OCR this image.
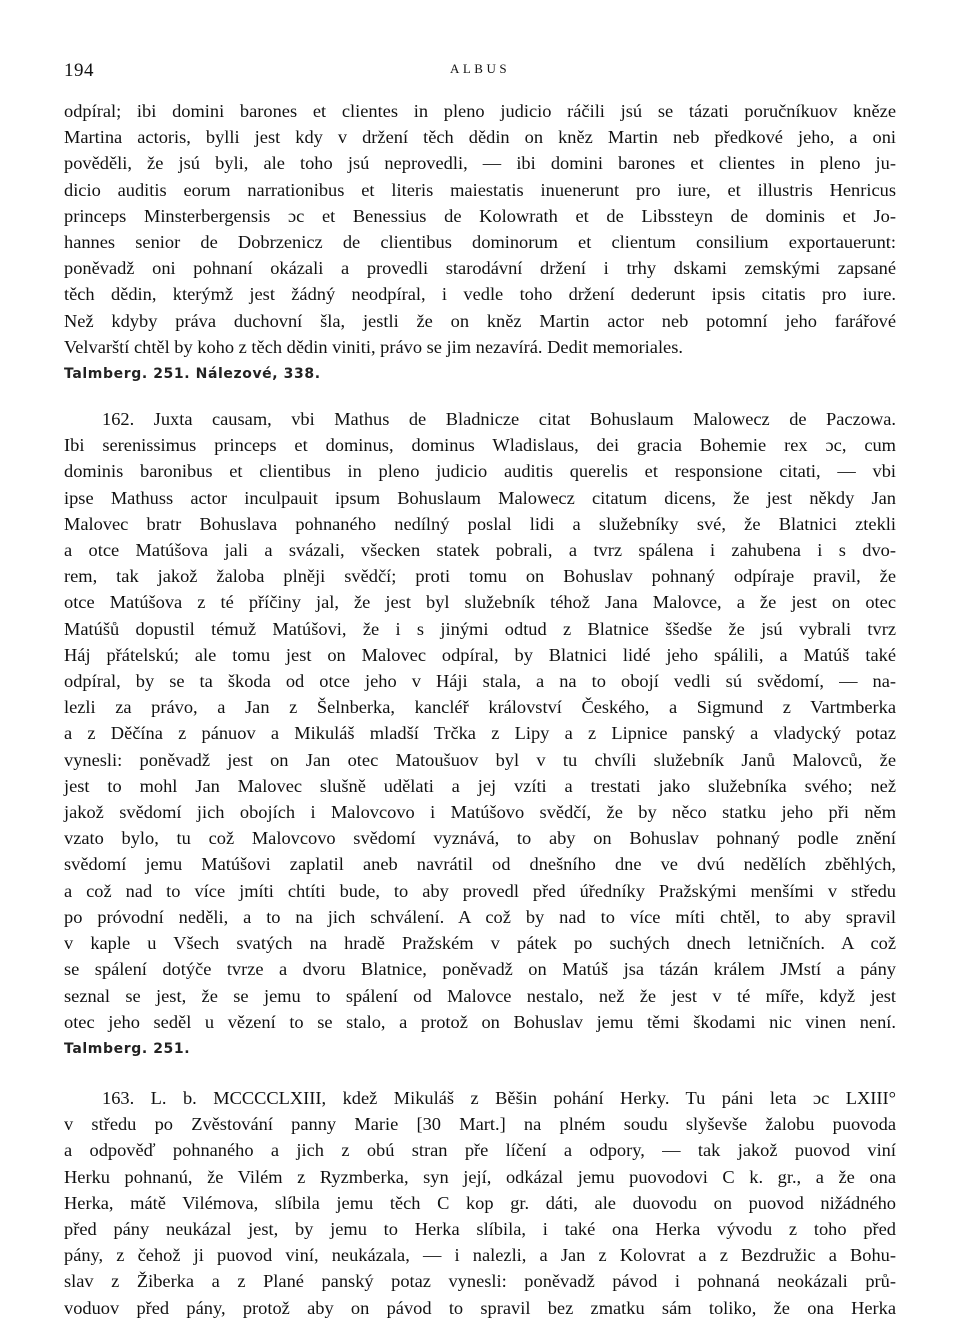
194	ALBUS

odpíral; ibi domini barones et clientes in pleno judicio ráčili jsú se tázati poručníkuov kněze

Martina actoris, bylli jest kdy v držení těch dědin on kněz Martin neb předkové jeho, a oni

pověděli, že jsú byli, ale toho jsú neprovedli, — ibi domini barones et clientes in pleno ju-

dicio auditis eorum narrationibus et literis maiestatis inuenerunt pro iure, et illustris Henricus

princeps Minsterbergensis ɔc et Benessius de Kolowrath et de Libssteyn de dominis et Jo-

hannes senior de Dobrzenicz de clientibus dominorum et clientum consilium exportauerunt:

poněvadž oni pohnaní okázali a provedli starodávní držení i trhy dskami zemskými zapsané

těch dědin, kterýmž jest žádný neodpíral, i vedle toho držení dederunt ipsis citatis pro iure.

Než kdyby práva duchovní šla, jestli že on kněz Martin actor neb potomní jeho farářové

Velvarští chtěl by koho z těch dědin viniti, právo se jim nezavírá. Dedit memoriales.

Talmberg. 251. Nálezové, 338.

162. Juxta causam, vbi Mathus de Bladnicze citat Bohuslaum Malowecz de Paczowa.

Ibi serenissimus princeps et dominus, dominus Wladislaus, dei gracia Bohemie rex ɔc, cum

dominis baronibus et clientibus in pleno judicio auditis querelis et responsione citati, — vbi

ipse Mathuss actor inculpauit ipsum Bohuslaum Malowecz citatum dicens, že jest někdy Jan

Malovec bratr Bohuslava pohnaného nedílný poslal lidi a služebníky své, že Blatnici ztekli

a otce Matúšova jali a svázali, všecken statek pobrali, a tvrz spálena i zahubena i s dvo-

rem, tak jakož žaloba plněji svědčí; proti tomu on Bohuslav pohnaný odpíraje pravil, že

otce Matúšova z té příčiny jal, že jest byl služebník téhož Jana Malovce, a že jest on otec

Matúšů dopustil témuž Matúšovi, že i s jinými odtud z Blatnice ššedše že jsú vybrali tvrz

Háj přátelskú; ale tomu jest on Malovec odpíral, by Blatnici lidé jeho spálili, a Matúš také

odpíral, by se ta škoda od otce jeho v Háji stala, a na to obojí vedli sú svědomí, — na-

lezli za právo, a Jan z Šelnberka, kancléř království Českého, a Sigmund z Vartmberka

a z Děčína z pánuov a Mikuláš mladší Trčka z Lipy a z Lipnice panský a vladycký potaz

vynesli: poněvadž jest on Jan otec Matoušuov byl v tu chvíli služebník Janů Malovců, že

jest to mohl Jan Malovec slušně udělati a jej vzíti a trestati jako služebníka svého; než

jakož svědomí jich obojích i Malovcovo i Matúšovo svědčí, že by něco statku jeho při něm

vzato bylo, tu což Malovcovo svědomí vyznává, to aby on Bohuslav pohnaný podle znění

svědomí jemu Matúšovi zaplatil aneb navrátil od dnešního dne ve dvú nedělích zběhlých,

a což nad to více jmíti chtíti bude, to aby provedl před úředníky Pražskými menšími v středu

po próvodní neděli, a to na jich schválení. A což by nad to více míti chtěl, to aby spravil

v kaple u Všech svatých na hradě Pražském v pátek po suchých dnech letničních. A což

se spálení dotýče tvrze a dvoru Blatnice, poněvadž on Matúš jsa tázán králem JMstí a pány

seznal se jest, že se jemu to spálení od Malovce nestalo, než že jest v té míře, když jest

otec jeho seděl u vězení to se stalo, a protož on Bohuslav jemu těmi škodami nic vinen není.

Talmberg. 251.

163. L. b. MCCCCLXIII, kdež Mikuláš z Běšin pohání Herky. Tu páni leta ɔc LXIII°

v středu po Zvěstování panny Marie [30 Mart.] na plném soudu slyševše žalobu puovoda

a odpověď pohnaného a jich z obú stran pře líčení a odpory, — tak jakož puovod viní

Herku pohnanú, že Vilém z Ryzmberka, syn její, odkázal jemu puovodovi C k. gr., a že ona

Herka, mátě Vilémova, slíbila jemu těch C kop gr. dáti, ale duovodu on puovod nižádného

před pány neukázal jest, by jemu to Herka slíbila, i také ona Herka vývodu z toho před

pány, z čehož ji puovod viní, neukázala, — i nalezli, a Jan z Kolovrat a z Bezdružic a Bohu-

slav z Žiberka a z Plané panský potaz vynesli: poněvadž pávod i pohnaná neokázali prů-

voduov před pány, protož aby on pávod to spravil bez zmatku sám toliko, že ona Herka
